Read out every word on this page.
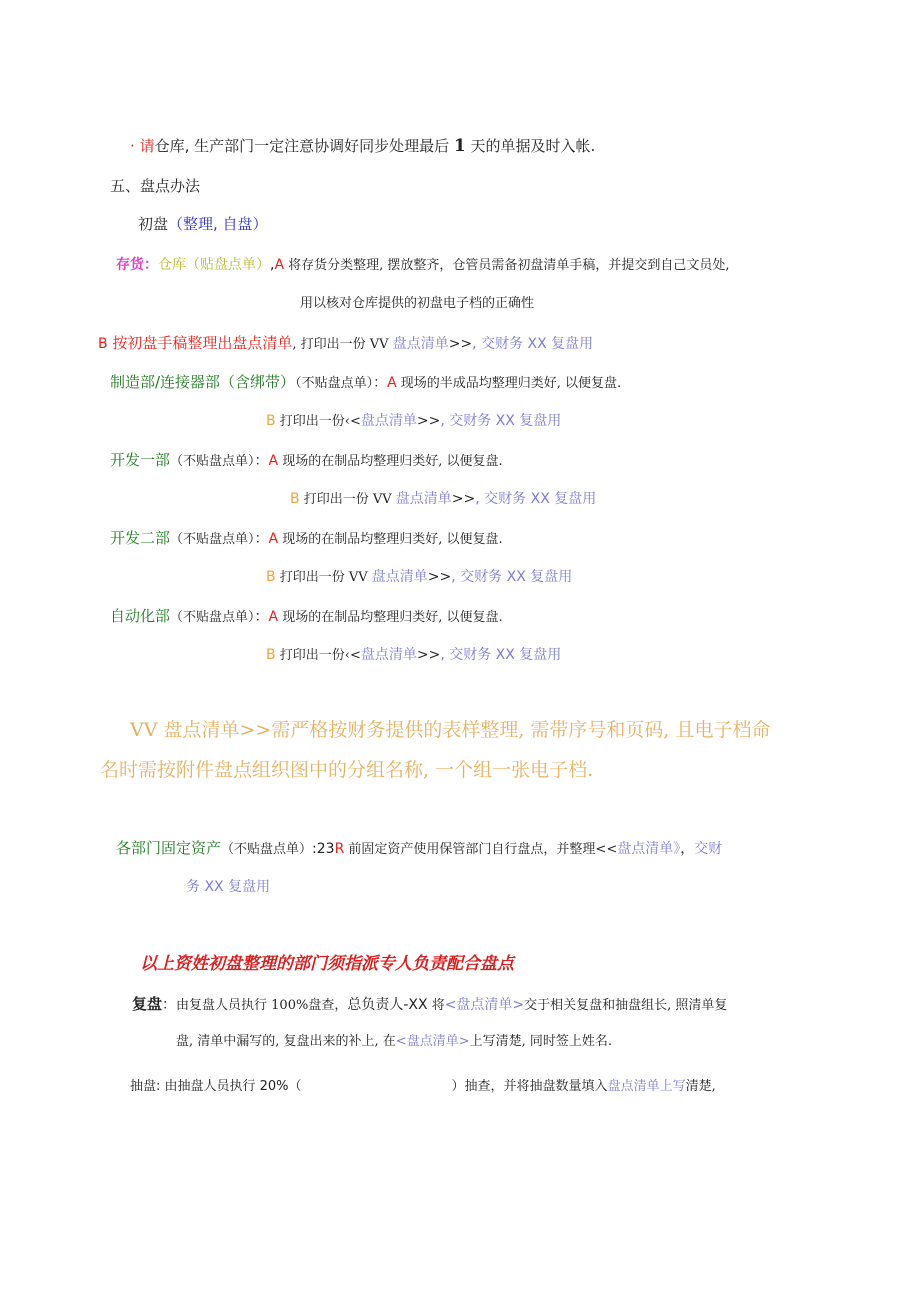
· 请仓库, 生产部门一定注意协调好同步处理最后 1 天的单据及时入帐.
五、盘点办法
初盘（整理, 自盘）
存货：仓库（贴盘点单）,A 将存货分类整理, 摆放整齐，仓管员需备初盘清单手稿，并提交到自己文员处,
用以核对仓库提供的初盘电子档的正确性
B 按初盘手稿整理出盘点清单, 打印出一份 VV 盘点清单>>, 交财务 XX 复盘用
制造部/连接器部（含绑带）（不贴盘点单）：A 现场的半成品均整理归类好, 以便复盘.
B 打印出一份‹<盘点清单>>, 交财务 XX 复盘用
开发一部（不贴盘点单）：A 现场的在制品均整理归类好, 以便复盘.
B 打印出一份 VV 盘点清单>>, 交财务 XX 复盘用
开发二部（不贴盘点单）：A 现场的在制品均整理归类好, 以便复盘.
B 打印出一份 VV 盘点清单>>, 交财务 XX 复盘用
自动化部（不贴盘点单）：A 现场的在制品均整理归类好, 以便复盘.
B 打印出一份‹<盘点清单>>, 交财务 XX 复盘用
VV 盘点清单>>需严格按财务提供的表样整理, 需带序号和页码, 且电子档命
名时需按附件盘点组织图中的分组名称, 一个组一张电子档.
各部门固定资产（不贴盘点单）:23R 前固定资产使用保管部门自行盘点，并整理<<盘点清单》，交财
务 XX 复盘用
以上资姓初盘整理的部门须指派专人负责配合盘点
复盘：由复盘人员执行 100%盘查，总负责人-XX 将<盘点清单>交于相关复盘和抽盘组长, 照清单复
盘, 清单中漏写的, 复盘出来的补上, 在<盘点清单>上写清楚, 同时签上姓名.
抽盘: 由抽盘人员执行 20%（	）抽查，并将抽盘数量填入盘点清单上写清楚,
